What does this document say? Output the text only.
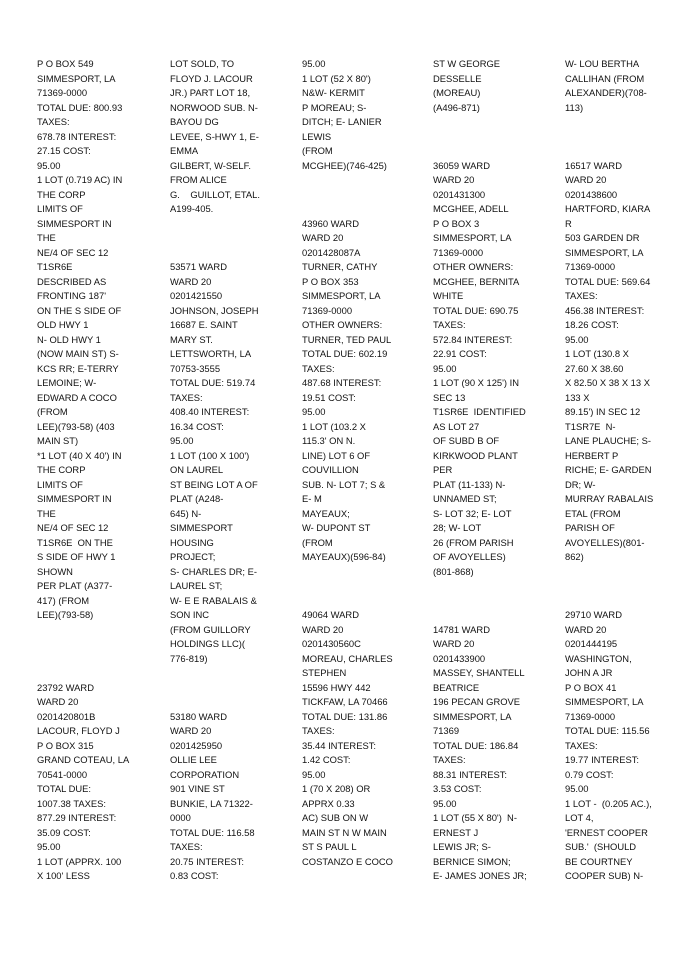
P O BOX 549
SIMMESPORT, LA
71369-0000
TOTAL DUE: 800.93
TAXES:
678.78 INTEREST:
27.15 COST:
95.00
1 LOT (0.719 AC) IN
THE CORP
LIMITS OF
SIMMESPORT IN
THE
NE/4 OF SEC 12
T1SR6E
DESCRIBED AS
FRONTING 187'
ON THE S SIDE OF
OLD HWY 1
N- OLD HWY 1
(NOW MAIN ST) S-
KCS RR; E-TERRY
LEMOINE; W-
EDWARD A COCO
(FROM
LEE)(793-58) (403
MAIN ST)
*1 LOT (40 X 40') IN
THE CORP
LIMITS OF
SIMMESPORT IN
THE
NE/4 OF SEC 12
T1SR6E  ON THE
S SIDE OF HWY 1
SHOWN
PER PLAT (A377-
417) (FROM
LEE)(793-58)
23792 WARD
WARD 20
0201420801B
LACOUR, FLOYD J
P O BOX 315
GRAND COTEAU, LA
70541-0000
TOTAL DUE:
1007.38 TAXES:
877.29 INTEREST:
35.09 COST:
95.00
1 LOT (APPRX. 100
X 100' LESS
LOT SOLD, TO
FLOYD J. LACOUR
JR.) PART LOT 18,
NORWOOD SUB. N-
BAYOU DG
LEVEE, S-HWY 1, E-
EMMA
GILBERT, W-SELF.
FROM ALICE
G.    GUILLOT, ETAL.
A199-405.
53571 WARD
WARD 20
0201421550
JOHNSON, JOSEPH
16687 E. SAINT
MARY ST.
LETTSWORTH, LA
70753-3555
TOTAL DUE: 519.74
TAXES:
408.40 INTEREST:
16.34 COST:
95.00
1 LOT (100 X 100')
ON LAUREL
ST BEING LOT A OF
PLAT (A248-
645) N-
SIMMESPORT
HOUSING
PROJECT;
S- CHARLES DR; E-
LAUREL ST;
W- E E RABALAIS &
SON INC
(FROM GUILLORY
HOLDINGS LLC)(
776-819)
53180 WARD
WARD 20
0201425950
OLLIE LEE
CORPORATION
901 VINE ST
BUNKIE, LA 71322-
0000
TOTAL DUE: 116.58
TAXES:
20.75 INTEREST:
0.83 COST:
95.00
1 LOT (52 X 80')
N&W- KERMIT
P MOREAU; S-
DITCH; E- LANIER
LEWIS
(FROM
MCGHEE)(746-425)
43960 WARD
WARD 20
0201428087A
TURNER, CATHY
P O BOX 353
SIMMESPORT, LA
71369-0000
OTHER OWNERS:
TURNER, TED PAUL
TOTAL DUE: 602.19
TAXES:
487.68 INTEREST:
19.51 COST:
95.00
1 LOT (103.2 X
115.3' ON N.
LINE) LOT 6 OF
COUVILLION
SUB. N- LOT 7; S &
E- M
MAYEAUX;
W- DUPONT ST
(FROM
MAYEAUX)(596-84)
49064 WARD
WARD 20
0201430560C
MOREAU, CHARLES
STEPHEN
15596 HWY 442
TICKFAW, LA 70466
TOTAL DUE: 131.86
TAXES:
35.44 INTEREST:
1.42 COST:
95.00
1 (70 X 208) OR
APPRX 0.33
AC) SUB ON W
MAIN ST N W MAIN
ST S PAUL L
COSTANZO E COCO
ST W GEORGE
DESSELLE
(MOREAU)
(A496-871)
36059 WARD
WARD 20
0201431300
MCGHEE, ADELL
P O BOX 3
SIMMESPORT, LA
71369-0000
OTHER OWNERS:
MCGHEE, BERNITA
WHITE
TOTAL DUE: 690.75
TAXES:
572.84 INTEREST:
22.91 COST:
95.00
1 LOT (90 X 125') IN
SEC 13
T1SR6E  IDENTIFIED
AS LOT 27
OF SUBD B OF
KIRKWOOD PLANT
PER
PLAT (11-133) N-
UNNAMED ST;
S- LOT 32; E- LOT
28; W- LOT
26 (FROM PARISH
OF AVOYELLES)
(801-868)
14781 WARD
WARD 20
0201433900
MASSEY, SHANTELL
BEATRICE
196 PECAN GROVE
SIMMESPORT, LA
71369
TOTAL DUE: 186.84
TAXES:
88.31 INTEREST:
3.53 COST:
95.00
1 LOT (55 X 80')  N-
ERNEST J
LEWIS JR; S-
BERNICE SIMON;
E- JAMES JONES JR;
W- LOU BERTHA
CALLIHAN (FROM
ALEXANDER)(708-
113)
16517 WARD
WARD 20
0201438600
HARTFORD, KIARA
R
503 GARDEN DR
SIMMESPORT, LA
71369-0000
TOTAL DUE: 569.64
TAXES:
456.38 INTEREST:
18.26 COST:
95.00
1 LOT (130.8 X
27.60 X 38.60
X 82.50 X 38 X 13 X
133 X
89.15') IN SEC 12
T1SR7E  N-
LANE PLAUCHE; S-
HERBERT P
RICHE; E- GARDEN
DR; W-
MURRAY RABALAIS
ETAL (FROM
PARISH OF
AVOYELLES)(801-
862)
29710 WARD
WARD 20
0201444195
WASHINGTON,
JOHN A JR
P O BOX 41
SIMMESPORT, LA
71369-0000
TOTAL DUE: 115.56
TAXES:
19.77 INTEREST:
0.79 COST:
95.00
1 LOT -  (0.205 AC.),
LOT 4,
'ERNEST COOPER
SUB.'  (SHOULD
BE COURTNEY
COOPER SUB) N-
